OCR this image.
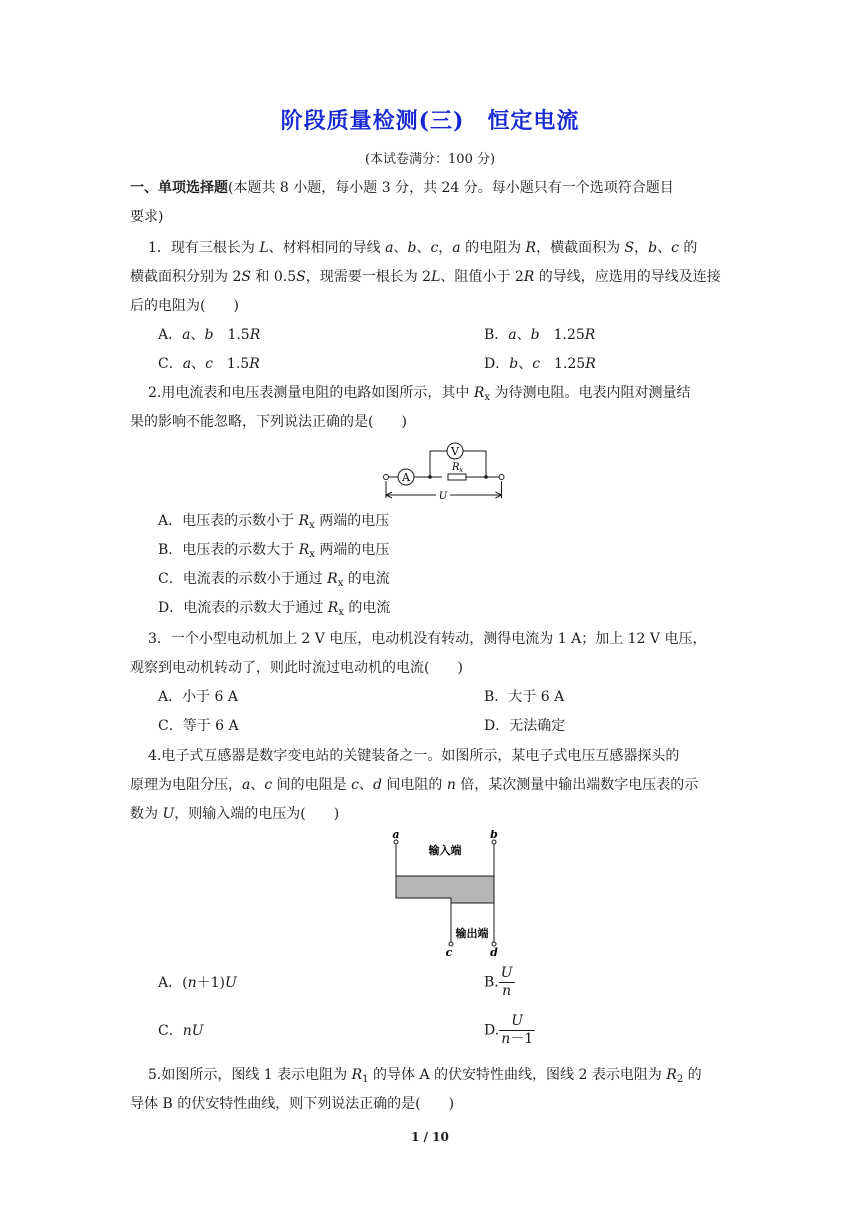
阶段质量检测(三)　恒定电流
(本试卷满分：100 分)
一、单项选择题(本题共 8 小题，每小题 3 分，共 24 分。每小题只有一个选项符合题目
要求)
1．现有三根长为 L、材料相同的导线 a、b、c，a 的电阻为 R，横截面积为 S，b、c 的
横截面积分别为 2S 和 0.5S，现需要一根长为 2L、阻值小于 2R 的导线，应选用的导线及连接
后的电阻为(　　)
A．a、b　1.5R	B．a、b　1.25R
C．a、c　1.5R	D．b、c　1.25R
2.用电流表和电压表测量电阻的电路如图所示，其中 $R_x$ 为待测电阻。电表内阻对测量结
果的影响不能忽略，下列说法正确的是(　　)
V
A
R x
U
A．电压表的示数小于 $R_x$ 两端的电压
B．电压表的示数大于 $R_x$ 两端的电压
C．电流表的示数小于通过 $R_x$ 的电流
D．电流表的示数大于通过 $R_x$ 的电流
3．一个小型电动机加上 2 V 电压，电动机没有转动，测得电流为 1 A；加上 12 V 电压，
观察到电动机转动了，则此时流过电动机的电流(　　)
A．小于 6 A	B．大于 6 A
C．等于 6 A	D．无法确定
4.电子式互感器是数字变电站的关键装备之一。如图所示，某电子式电压互感器探头的
原理为电阻分压，a、c 间的电阻是 c、d 间电阻的 n 倍，某次测量中输出端数字电压表的示
数为 U，则输入端的电压为(　　)
a	b
输入端
输出端
c	d
A．(n＋1)U	B. $\frac{U}{n}$
C．nU	D. $\frac{U}{n-1}$
5.如图所示，图线 1 表示电阻为 $R_1$ 的导体 A 的伏安特性曲线，图线 2 表示电阻为 $R_2$ 的
导体 B 的伏安特性曲线，则下列说法正确的是(　　)
1 / 10
